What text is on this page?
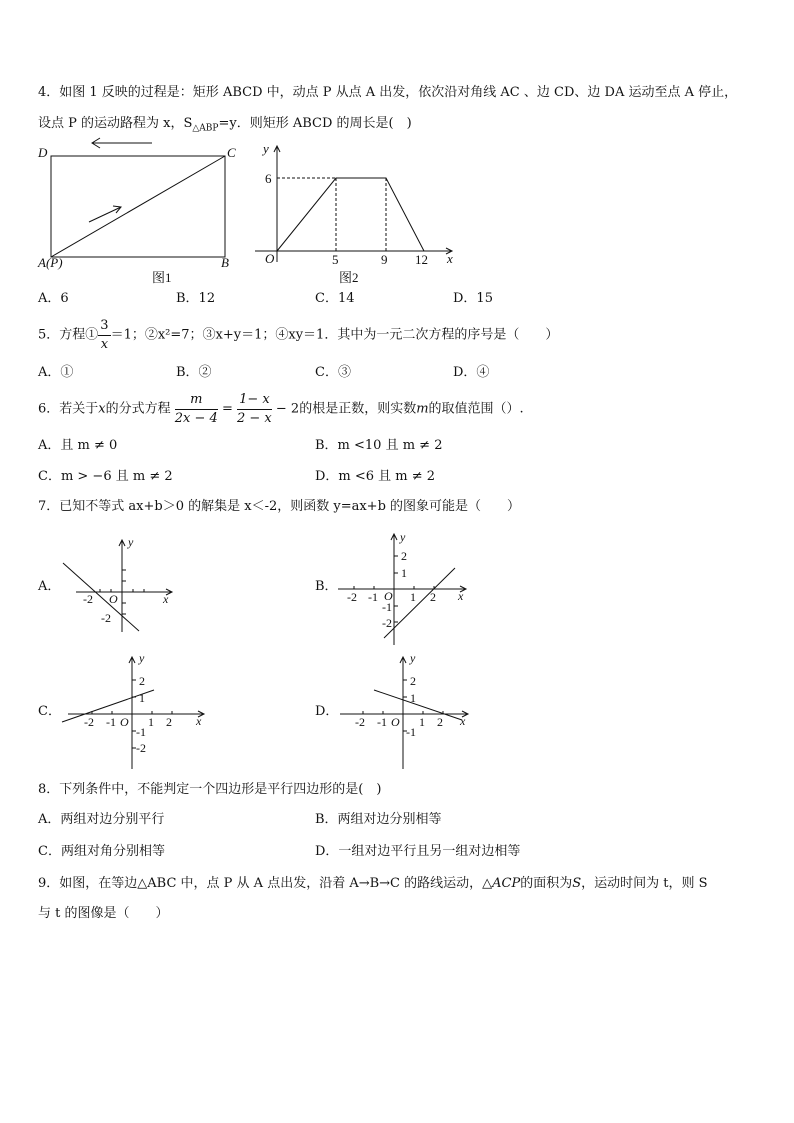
4．如图 1 反映的过程是：矩形 ABCD 中，动点 P 从点 A 出发，依次沿对角线 AC 、边 CD、边 DA 运动至点 A 停止，
设点 P 的运动路程为 x，$S_{\triangle ABP}=y$．则矩形 ABCD 的周长是(　)
D	C
A(P)	B
图1
y
x
O
6
5	9 12
图2
A．6	B．12	C．14	D．15
5．方程① $\frac{3}{x} =1$；②x²=7；③x+y＝1；④xy＝1．其中为一元二次方程的序号是（　　）
A．①	B．②	C．③	D．④
6．若关于x的分式方程 $\frac{m}{2x - 4} = \frac{1- x}{2 - x} - 2$的根是正数，则实数m的取值范围（）.
A．且 m ≠ 0	B．m <10 且 m ≠ 2
C．m > −6 且 m ≠ 2	D．m <6 且 m ≠ 2
7．已知不等式 ax+b＞0 的解集是 x＜-2，则函数 y=ax+b 的图象可能是（　　）
A．	B．
C．	D．
y
x
O
-2
-2
y
x
O
2
1
-2 -1	1 2
-1
-2
y
x
O
2
1
-2 -1	1 2
-1
-2
y
x
O
2
1
-2 -1	1 2
-1
8．下列条件中，不能判定一个四边形是平行四边形的是(　)
A．两组对边分别平行	B．两组对边分别相等
C．两组对角分别相等	D．一组对边平行且另一组对边相等
9．如图，在等边△ABC 中，点 P 从 A 点出发，沿着 A→B→C 的路线运动，△ACP的面积为S，运动时间为 t，则 S
与 t 的图像是（　　）
